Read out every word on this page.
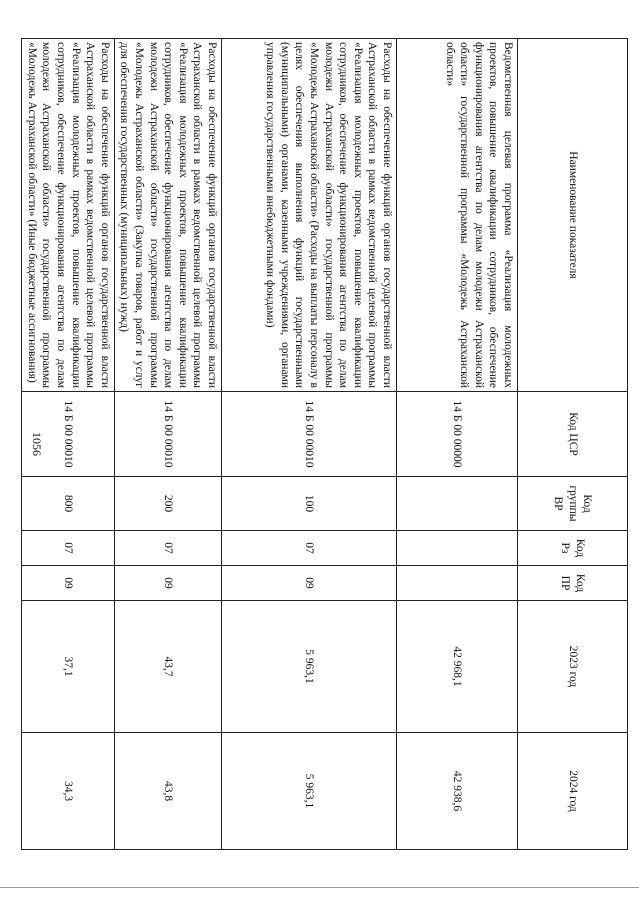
1056
Наименование показателя	Код ЦСР	Код группы ВР	Код Рз	Код ПР	2023 год	2024 год
Ведомственная целевая программа «Реализация молодежных проектов, повышение квалификации сотрудников, обеспечение функционирования агентства по делам молодежи Астраханской области» государственной программы «Молодежь Астраханской области»	14 Б 00 00000				42 968,1	42 938,6
Расходы на обеспечение функций органов государственной власти Астраханской области в рамках ведомственной целевой программы «Реализация молодежных проектов, повышение квалификации сотрудников, обеспечение функционирования агентства по делам молодежи Астраханской области» государственной программы «Молодежь Астраханской области» (Расходы на выплаты персоналу в целях обеспечения выполнения функций государственными (муниципальными) органами, казенными учреждениями, органами управления государственными внебюджетными фондами)	14 Б 00 00010	100	07	09	5 963,1	5 963,1
Расходы на обеспечение функций органов государственной власти Астраханской области в рамках ведомственной целевой программы «Реализация молодежных проектов, повышение квалификации сотрудников, обеспечение функционирования агентства по делам молодежи Астраханской области» государственной программы «Молодежь Астраханской области» (Закупка товаров, работ и услуг для обеспечения государственных (муниципальных) нужд)	14 Б 00 00010	200	07	09	43,7	43,8
Расходы на обеспечение функций органов государственной власти Астраханской области в рамках ведомственной целевой программы «Реализация молодежных проектов, повышение квалификации сотрудников, обеспечение функционирования агентства по делам молодежи Астраханской области» государственной программы «Молодежь Астраханской области» (Иные бюджетные ассигнования)	14 Б 00 00010	800	07	09	37,1	34,3
